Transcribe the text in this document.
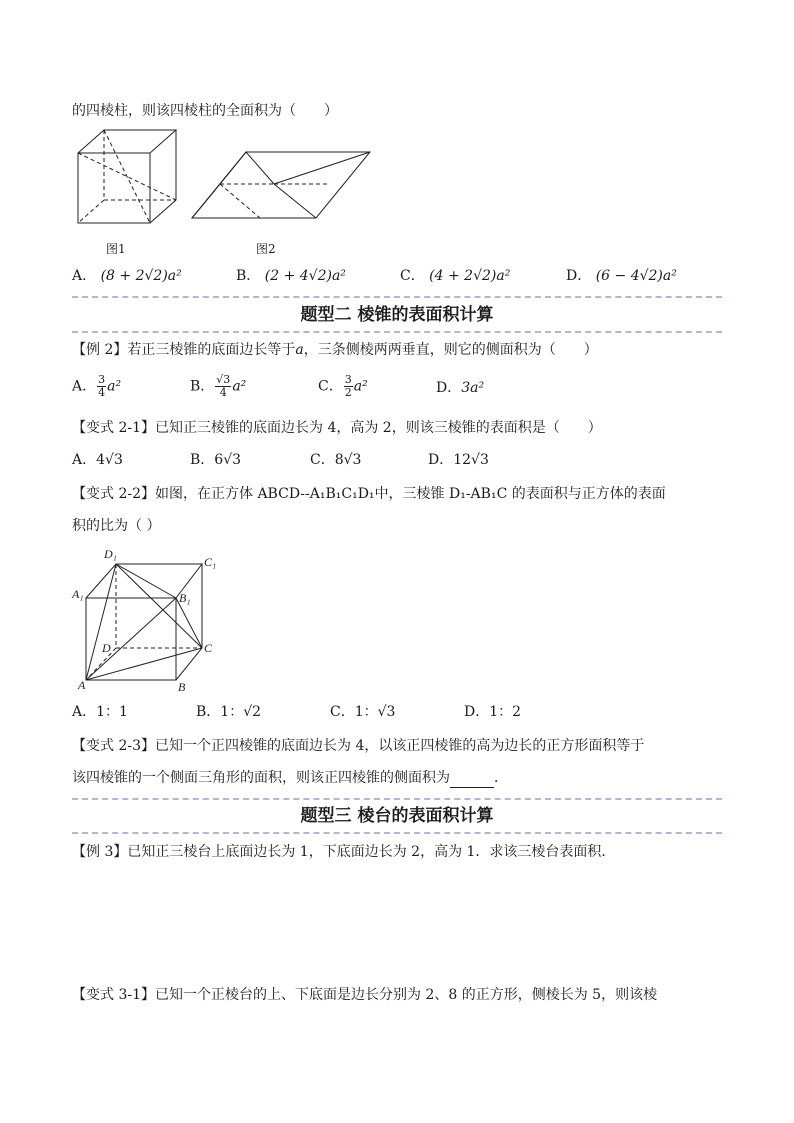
的四棱柱，则该四棱柱的全面积为（　　）
图1	图2
A． (8 + 2√2)a²	B． (2 + 4√2)a²	C． (4 + 2√2)a²	D． (6 − 4√2)a²
题型二 棱锥的表面积计算
【例 2】若正三棱锥的底面边长等于a，三条侧棱两两垂直，则它的侧面积为（　　）
A． $\frac{3}{4} a^2$	B． $\frac{√3}{4} a^2$	C． $\frac{3}{2} a^2$	D．3a²
【变式 2-1】已知正三棱锥的底面边长为 4，高为 2，则该三棱锥的表面积是（　　）
A．4√3	B．6√3	C．8√3	D．12√3
【变式 2-2】如图，在正方体 ABCD--A₁B₁C₁D₁中，三棱锥 D₁-AB₁C 的表面积与正方体的表面
积的比为（ ）
D₁
C₁
A₁	B₁
D	C
A	B
A．1：1	B．1：√2	C．1：√3	D．1：2
【变式 2-3】已知一个正四棱锥的底面边长为 4，以该正四棱锥的高为边长的正方形面积等于
该四棱锥的一个侧面三角形的面积，则该正四棱锥的侧面积为	．
题型三 棱台的表面积计算
【例 3】已知正三棱台上底面边长为 1，下底面边长为 2，高为 1．求该三棱台表面积．
【变式 3-1】已知一个正棱台的上、下底面是边长分别为 2、8 的正方形，侧棱长为 5，则该棱
